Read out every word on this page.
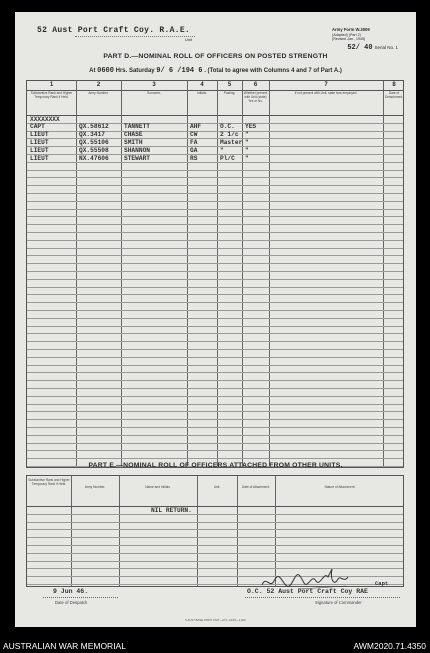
52 Aust Port Craft Coy. R.A.E.
Unit
Army Form W.3009
(Adapted) (Part 2)
(Revised Jan., 1945)
52/ 40 Serial No. 1
PART D.—NOMINAL ROLL OF OFFICERS ON POSTED STRENGTH
At 0600 Hrs. Saturday 9/ 6 /194 6 . (Total to agree with Columns 4 and 7 of Part A.)
1	2	3	4	5	6	7	8
Substantive Rank and Higher Temporary Rank if Held.
Army Number.	Surname.	Initials.	Posting.	Whether present with Unit (state) Yes or No.
If not present with Unit, state how employed.	Date of Detachment.
XXXXXXXX
CAPT	QX.58612 TANNETT	AHF	O.C. YES
LIEUT	QX.3417	CHASE	CW	2 1/c "
LIEUT	QX.55106 SMITH	FA	Master "
LIEUT	QX.55508 SHANNON	GA	"	"
LIEUT	NX.47606 STEWART	RS	Pl/C "
PART E.—NOMINAL ROLL OF OFFICERS ATTACHED FROM OTHER UNITS.
Substantive Rank and Higher Temporary Rank if Held.
Army Number.	Name and Initials.	Unit.	Date of Attachment.	Nature of Attachment.
NIL RETURN.
9 Jun 46.
Date of Despatch
Capt
O.C. 52 Aust Port Craft Coy RAE
Signature of Commander
5 AUST BASE PRINT UNIT—M.S. 13/45—1,000
AUSTRALIAN WAR MEMORIAL	AWM2020.71.4350
